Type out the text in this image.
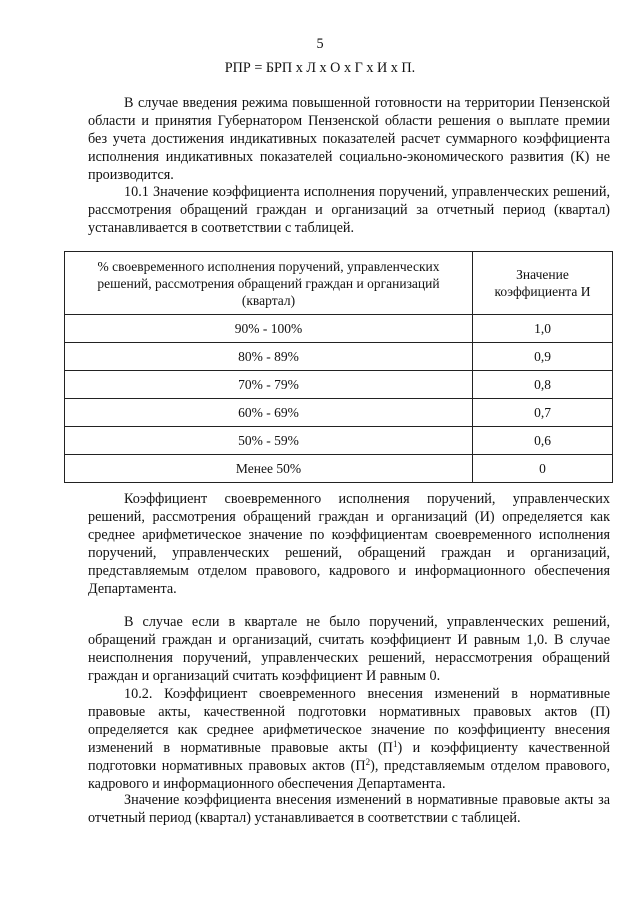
5
РПР = БРП х Л х О х Г х И х П.

В случае введения режима повышенной готовности на территории Пензенской области и принятия Губернатором Пензенской области решения о выплате премии без учета достижения индикативных показателей расчет суммарного коэффициента исполнения индикативных показателей социально-экономического развития (К) не производится.

10.1 Значение коэффициента исполнения поручений, управленческих решений, рассмотрения обращений граждан и организаций за отчетный период (квартал) устанавливается в соответствии с таблицей.

% своевременного исполнения поручений, управленческих решений, рассмотрения обращений граждан и организаций (квартал)	Значение коэффициента И
90% - 100%	1,0
80% - 89%	0,9
70% - 79%	0,8
60% - 69%	0,7
50% - 59%	0,6
Менее 50%	0

Коэффициент своевременного исполнения поручений, управленческих решений, рассмотрения обращений граждан и организаций (И) определяется как среднее арифметическое значение по коэффициентам своевременного исполнения поручений, управленческих решений, обращений граждан и организаций, представляемым отделом правового, кадрового и информационного обеспечения Департамента.

В случае если в квартале не было поручений, управленческих решений, обращений граждан и организаций, считать коэффициент И равным 1,0. В случае неисполнения поручений, управленческих решений, нерассмотрения обращений граждан и организаций считать коэффициент И равным 0.

10.2. Коэффициент своевременного внесения изменений в нормативные правовые акты, качественной подготовки нормативных правовых актов (П) определяется как среднее арифметическое значение по коэффициенту внесения изменений в нормативные правовые акты $(П^1)$ и коэффициенту качественной подготовки нормативных правовых актов $(П^2)$, представляемым отделом правового, кадрового и информационного обеспечения Департамента.

Значение коэффициента внесения изменений в нормативные правовые акты за отчетный период (квартал) устанавливается в соответствии с таблицей.
